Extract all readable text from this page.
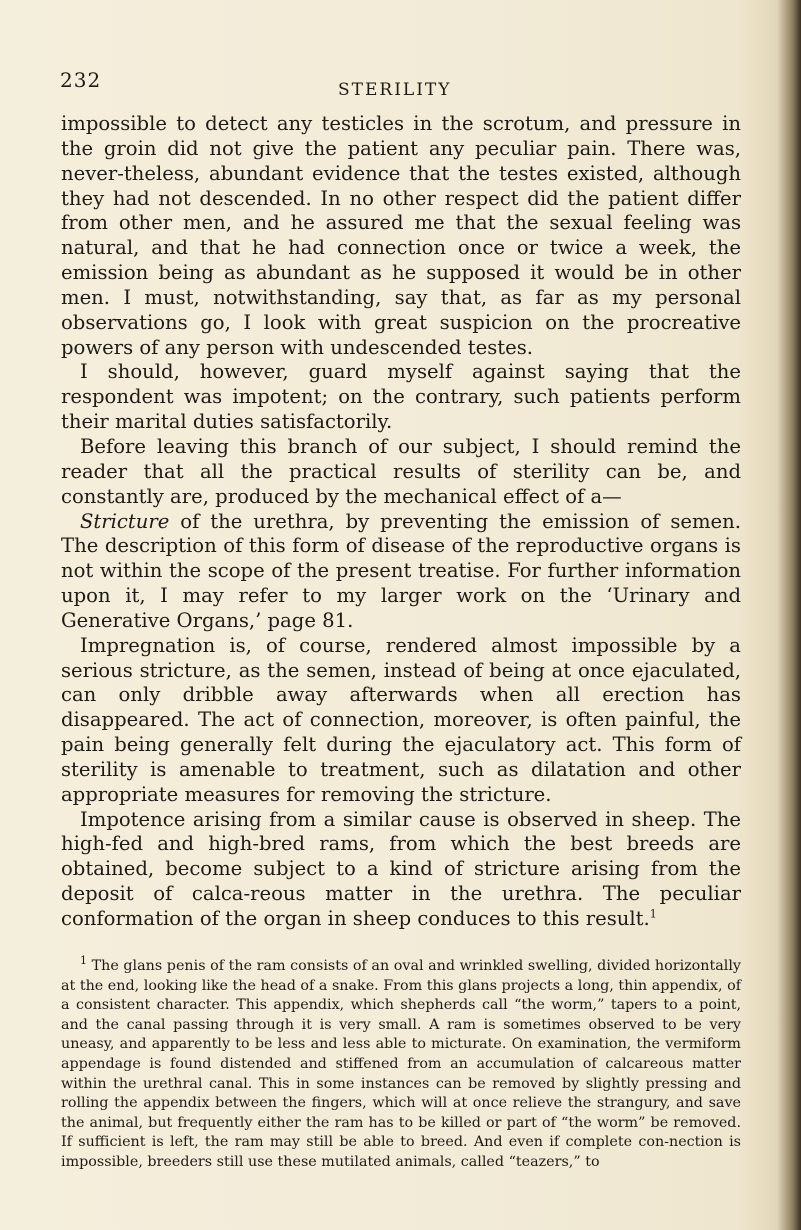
232	STERILITY

impossible to detect any testicles in the scrotum, and pressure in the groin did not give the patient any peculiar pain. There was, never-theless, abundant evidence that the testes existed, although they had not descended. In no other respect did the patient differ from other men, and he assured me that the sexual feeling was natural, and that he had connection once or twice a week, the emission being as abundant as he supposed it would be in other men. I must, notwithstanding, say that, as far as my personal observations go, I look with great suspicion on the procreative powers of any person with undescended testes.

I should, however, guard myself against saying that the respondent was impotent; on the contrary, such patients perform their marital duties satisfactorily.

Before leaving this branch of our subject, I should remind the reader that all the practical results of sterility can be, and constantly are, produced by the mechanical effect of a—

Stricture of the urethra, by preventing the emission of semen. The description of this form of disease of the reproductive organs is not within the scope of the present treatise. For further information upon it, I may refer to my larger work on the ‘Urinary and Generative Organs,’ page 81.

Impregnation is, of course, rendered almost impossible by a serious stricture, as the semen, instead of being at once ejaculated, can only dribble away afterwards when all erection has disappeared. The act of connection, moreover, is often painful, the pain being generally felt during the ejaculatory act. This form of sterility is amenable to treatment, such as dilatation and other appropriate measures for removing the stricture.

Impotence arising from a similar cause is observed in sheep. The high-fed and high-bred rams, from which the best breeds are obtained, become subject to a kind of stricture arising from the deposit of calca-reous matter in the urethra. The peculiar conformation of the organ in sheep conduces to this result.$^1$

$^1$ The glans penis of the ram consists of an oval and wrinkled swelling, divided horizontally at the end, looking like the head of a snake. From this glans projects a long, thin appendix, of a consistent character. This appendix, which shepherds call “the worm,” tapers to a point, and the canal passing through it is very small. A ram is sometimes observed to be very uneasy, and apparently to be less and less able to micturate. On examination, the vermiform appendage is found distended and stiffened from an accumulation of calcareous matter within the urethral canal. This in some instances can be removed by slightly pressing and rolling the appendix between the fingers, which will at once relieve the strangury, and save the animal, but frequently either the ram has to be killed or part of “the worm” be removed. If sufficient is left, the ram may still be able to breed. And even if complete con-nection is impossible, breeders still use these mutilated animals, called “teazers,” to
